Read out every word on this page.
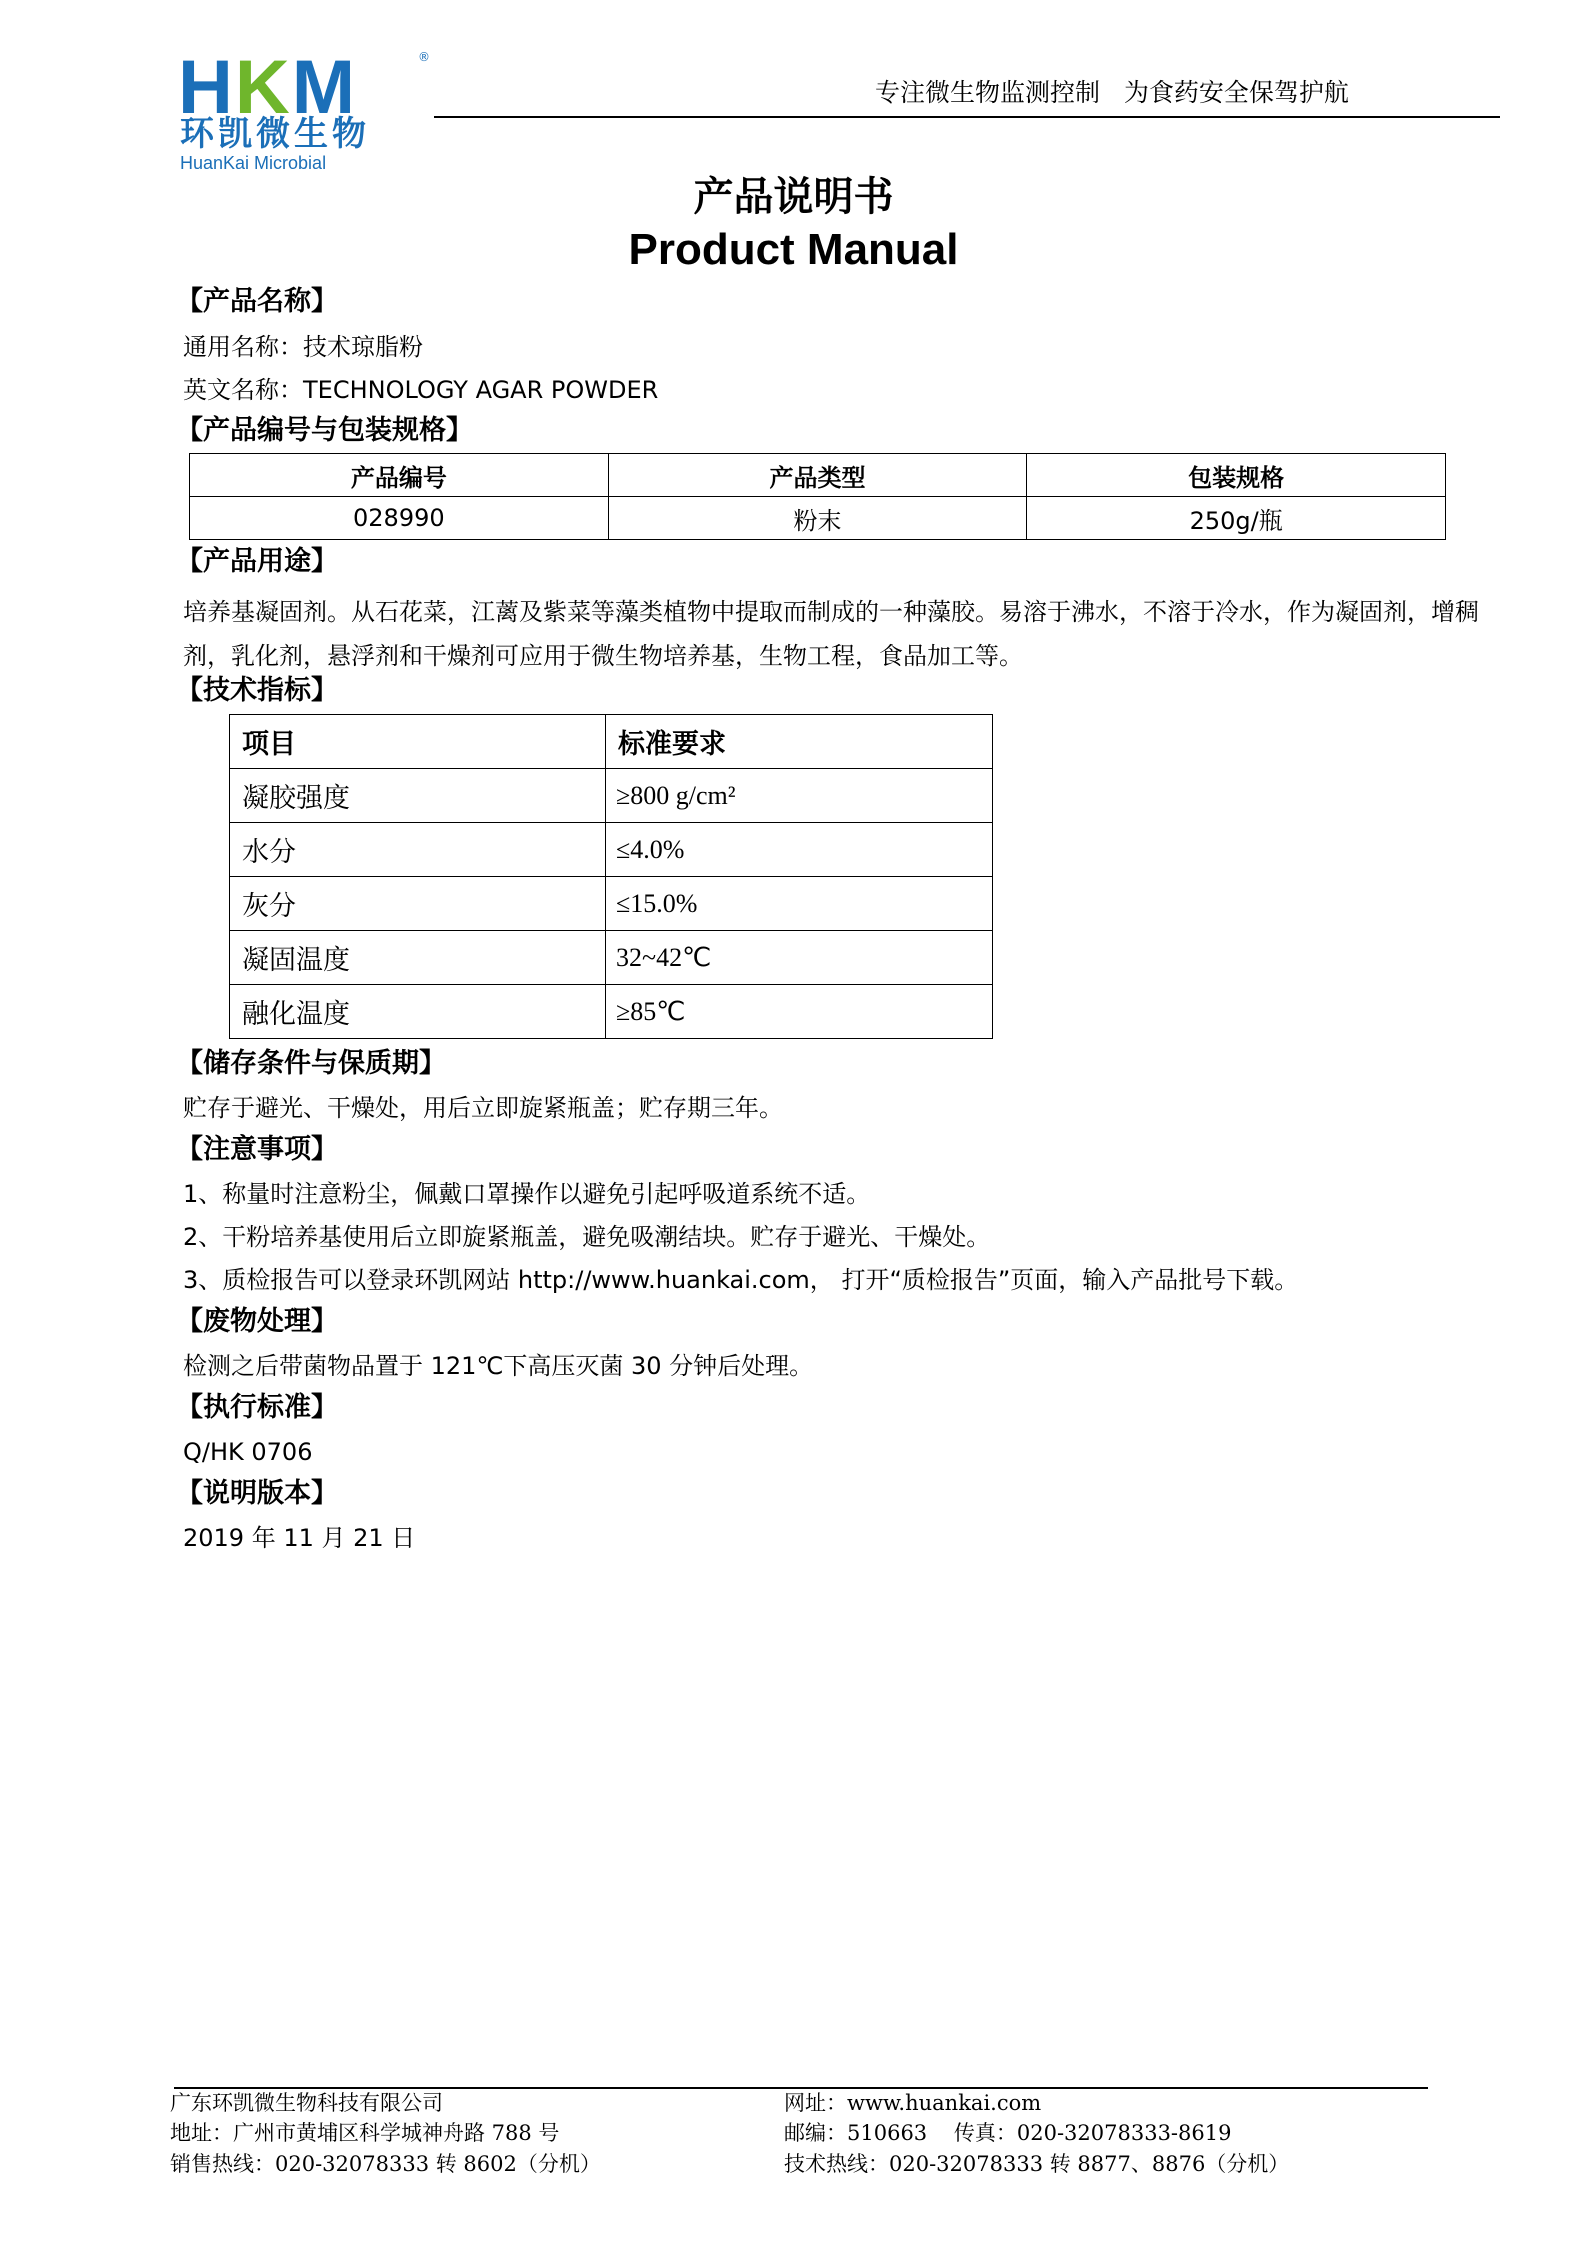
HKM	®
环凯微生物
HuanKai Microbial
专注微生物监测控制   为食药安全保驾护航
产品说明书
Product Manual
【产品名称】
通用名称：技术琼脂粉
英文名称：TECHNOLOGY AGAR POWDER
【产品编号与包装规格】
产品编号	产品类型	包装规格
028990	粉末	250g/瓶
【产品用途】
培养基凝固剂。从石花菜，江蓠及紫菜等藻类植物中提取而制成的一种藻胶。易溶于沸水，不溶于冷水，作为凝固剂，增稠剂，乳化剂，悬浮剂和干燥剂可应用于微生物培养基，生物工程，食品加工等。
【技术指标】
项目	标准要求
凝胶强度	≥800 g/cm²
水分	≤4.0%
灰分	≤15.0%
凝固温度	32~42℃
融化温度	≥85℃
【储存条件与保质期】
贮存于避光、干燥处，用后立即旋紧瓶盖；贮存期三年。
【注意事项】
1、称量时注意粉尘，佩戴口罩操作以避免引起呼吸道系统不适。
2、干粉培养基使用后立即旋紧瓶盖，避免吸潮结块。贮存于避光、干燥处。
3、质检报告可以登录环凯网站 http://www.huankai.com， 打开“质检报告”页面，输入产品批号下载。
【废物处理】
检测之后带菌物品置于 121℃下高压灭菌 30 分钟后处理。
【执行标准】
Q/HK 0706
【说明版本】
2019 年 11 月 21 日
广东环凯微生物科技有限公司
地址：广州市黄埔区科学城神舟路 788 号
销售热线：020-32078333 转 8602（分机）
网址：www.huankai.com
邮编：510663    传真：020-32078333-8619
技术热线：020-32078333 转 8877、8876（分机）
